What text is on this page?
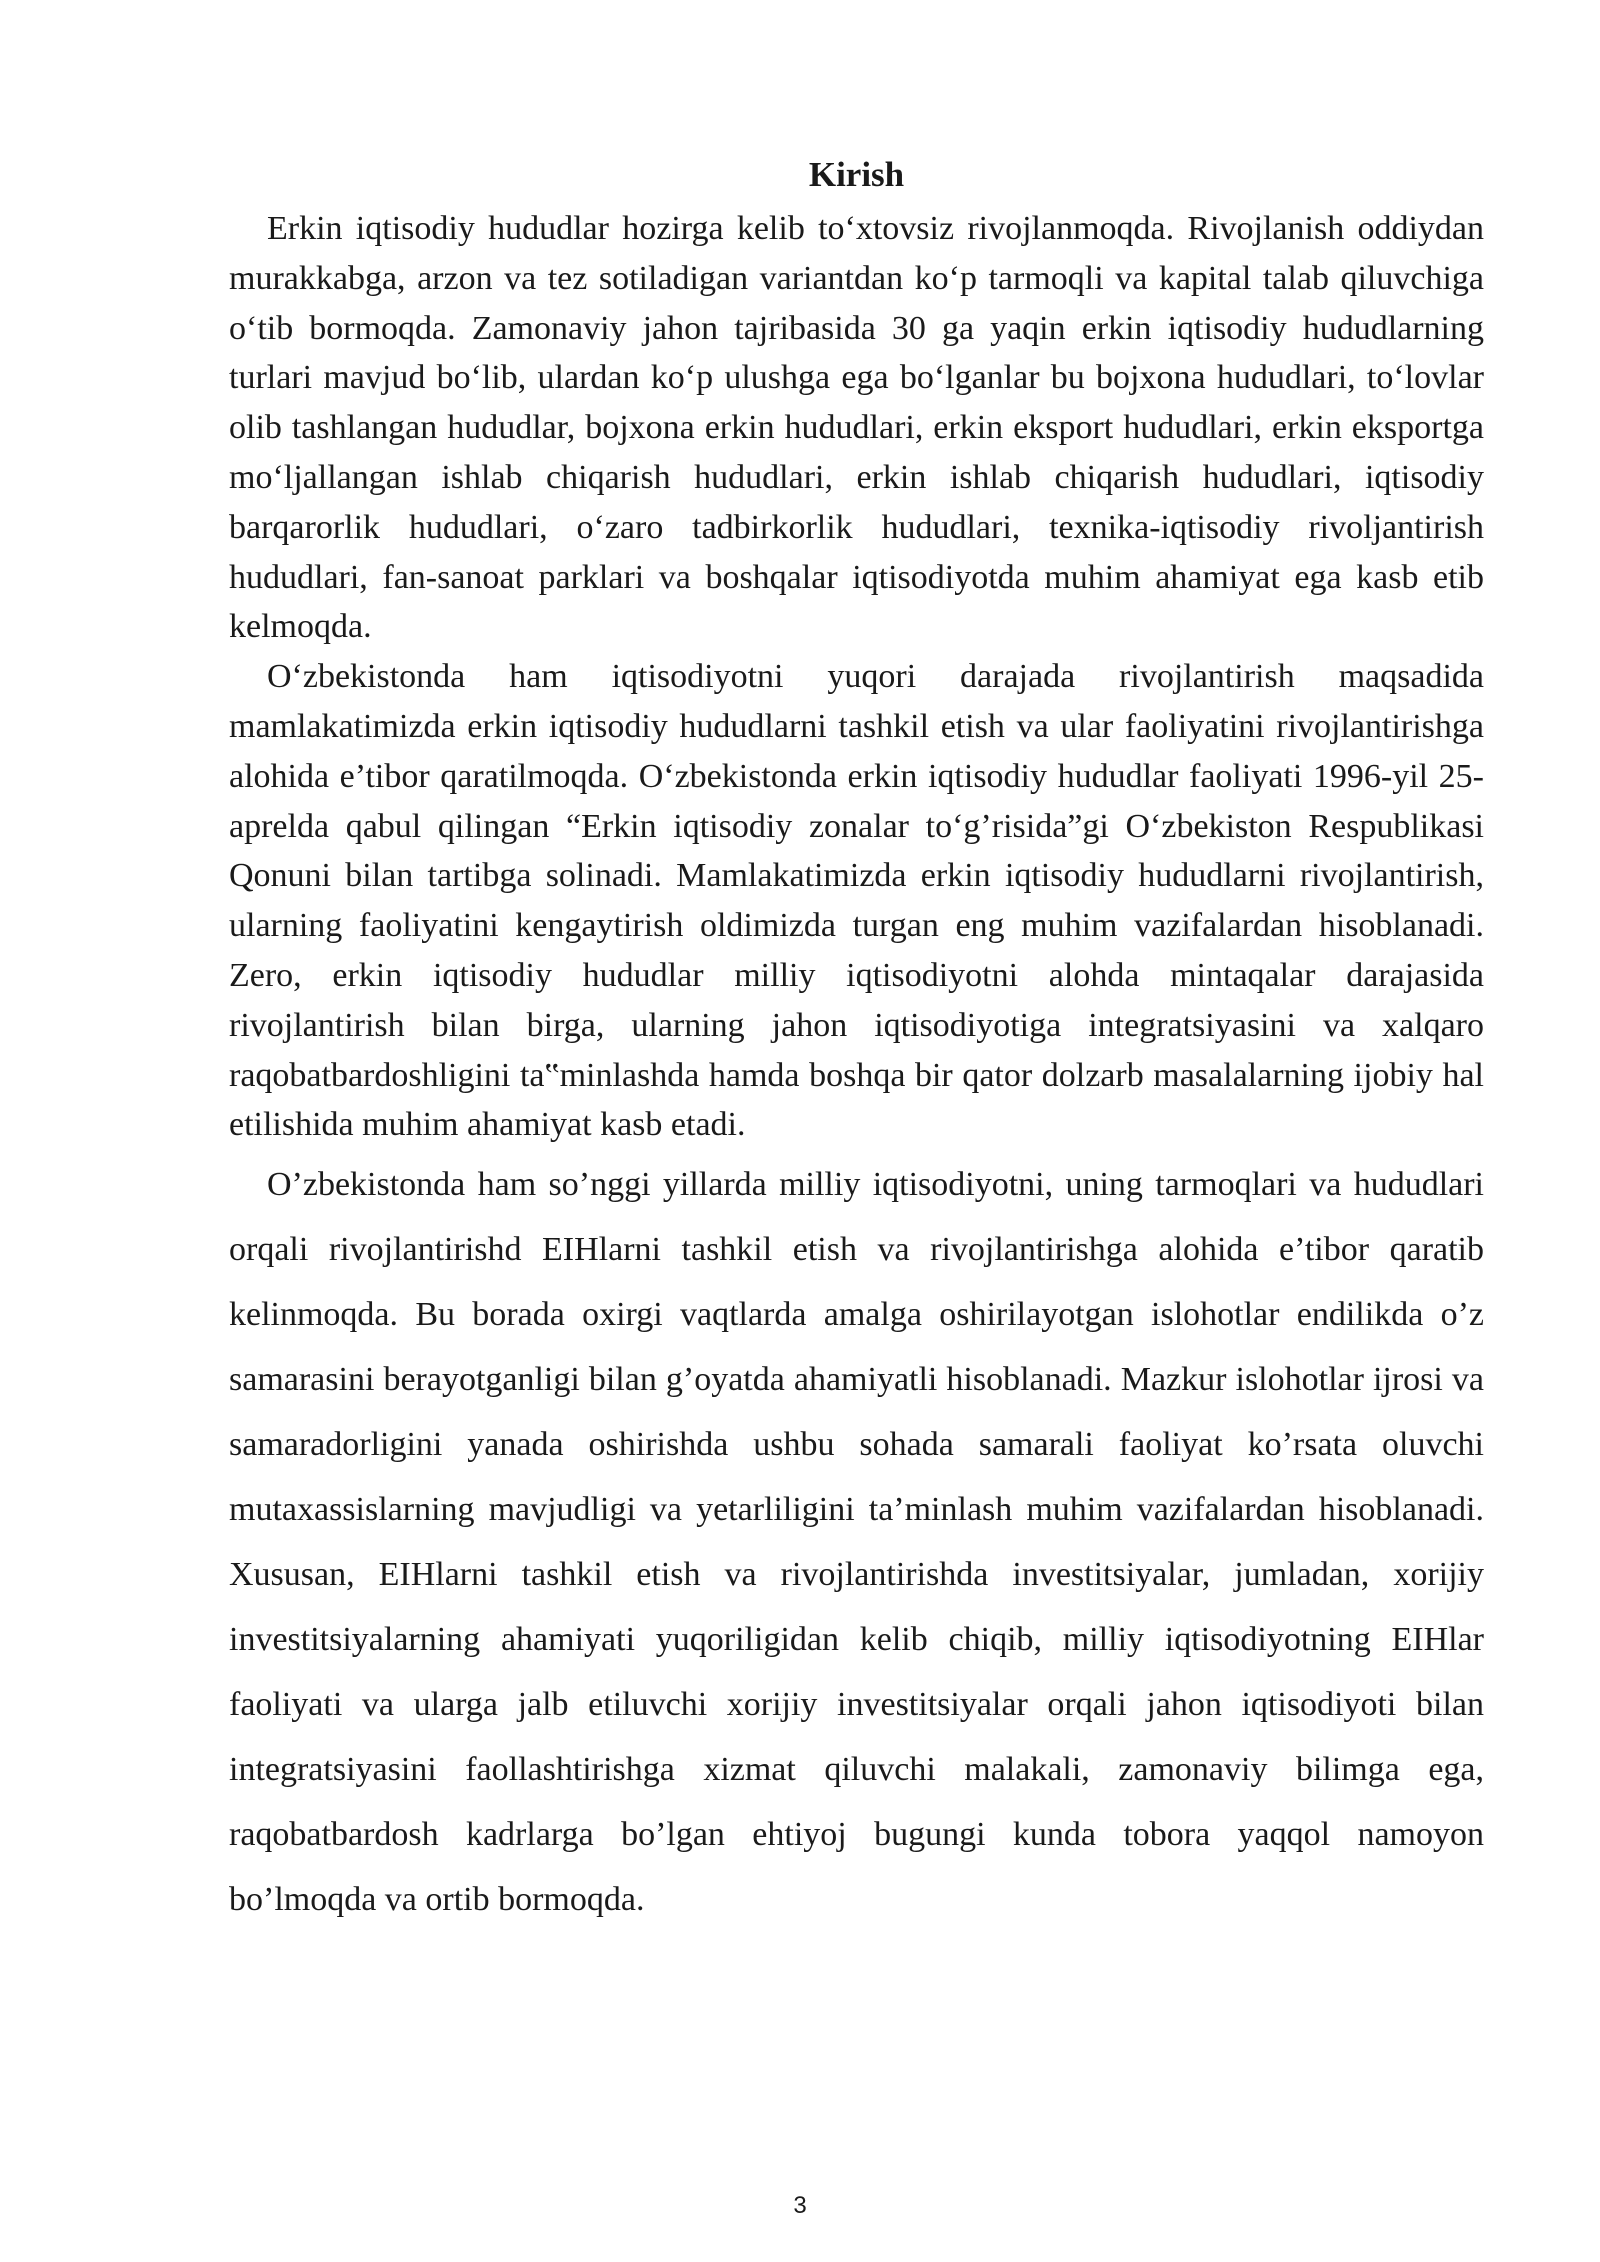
Kirish

Erkin iqtisodiy hududlar hozirga kelib to‘xtovsiz rivojlanmoqda. Rivojlanish oddiydan murakkabga, arzon va tez sotiladigan variantdan ko‘p tarmoqli va kapital talab qiluvchiga o‘tib bormoqda. Zamonaviy jahon tajribasida 30 ga yaqin erkin iqtisodiy hududlarning turlari mavjud bo‘lib, ulardan ko‘p ulushga ega bo‘lganlar bu bojxona hududlari, to‘lovlar olib tashlangan hududlar, bojxona erkin hududlari, erkin eksport hududlari, erkin eksportga mo‘ljallangan ishlab chiqarish hududlari, erkin ishlab chiqarish hududlari, iqtisodiy barqarorlik hududlari, o‘zaro tadbirkorlik hududlari, texnika-iqtisodiy rivoljantirish hududlari, fan-sanoat parklari va boshqalar iqtisodiyotda muhim ahamiyat ega kasb etib kelmoqda.

O‘zbekistonda ham iqtisodiyotni yuqori darajada rivojlantirish maqsadida mamlakatimizda erkin iqtisodiy hududlarni tashkil etish va ular faoliyatini rivojlantirishga alohida e’tibor qaratilmoqda. O‘zbekistonda erkin iqtisodiy hududlar faoliyati 1996-yil 25-aprelda qabul qilingan “Erkin iqtisodiy zonalar to‘g’risida”gi O‘zbekiston Respublikasi Qonuni bilan tartibga solinadi. Mamlakatimizda erkin iqtisodiy hududlarni rivojlantirish, ularning faoliyatini kengaytirish oldimizda turgan eng muhim vazifalardan hisoblanadi. Zero, erkin iqtisodiy hududlar milliy iqtisodiyotni alohda mintaqalar darajasida rivojlantirish bilan birga, ularning jahon iqtisodiyotiga integratsiyasini va xalqaro raqobatbardoshligini ta‟minlashda hamda boshqa bir qator dolzarb masalalarning ijobiy hal etilishida muhim ahamiyat kasb etadi.

O’zbekistonda ham so’nggi yillarda milliy iqtisodiyotni, uning tarmoqlari va hududlari orqali rivojlantirishd EIHlarni tashkil etish va rivojlantirishga alohida e’tibor qaratib kelinmoqda. Bu borada oxirgi vaqtlarda amalga oshirilayotgan islohotlar endilikda o’z samarasini berayotganligi bilan g’oyatda ahamiyatli hisoblanadi. Mazkur islohotlar ijrosi va samaradorligini yanada oshirishda ushbu sohada samarali faoliyat ko’rsata oluvchi mutaxassislarning mavjudligi va yetarliligini ta’minlash muhim vazifalardan hisoblanadi. Xususan, EIHlarni tashkil etish va rivojlantirishda investitsiyalar, jumladan, xorijiy investitsiyalarning ahamiyati yuqoriligidan kelib chiqib, milliy iqtisodiyotning EIHlar faoliyati va ularga jalb etiluvchi xorijiy investitsiyalar orqali jahon iqtisodiyoti bilan integratsiyasini faollashtirishga xizmat qiluvchi malakali, zamonaviy bilimga ega, raqobatbardosh kadrlarga bo’lgan ehtiyoj bugungi kunda tobora yaqqol namoyon bo’lmoqda va ortib bormoqda.

3
